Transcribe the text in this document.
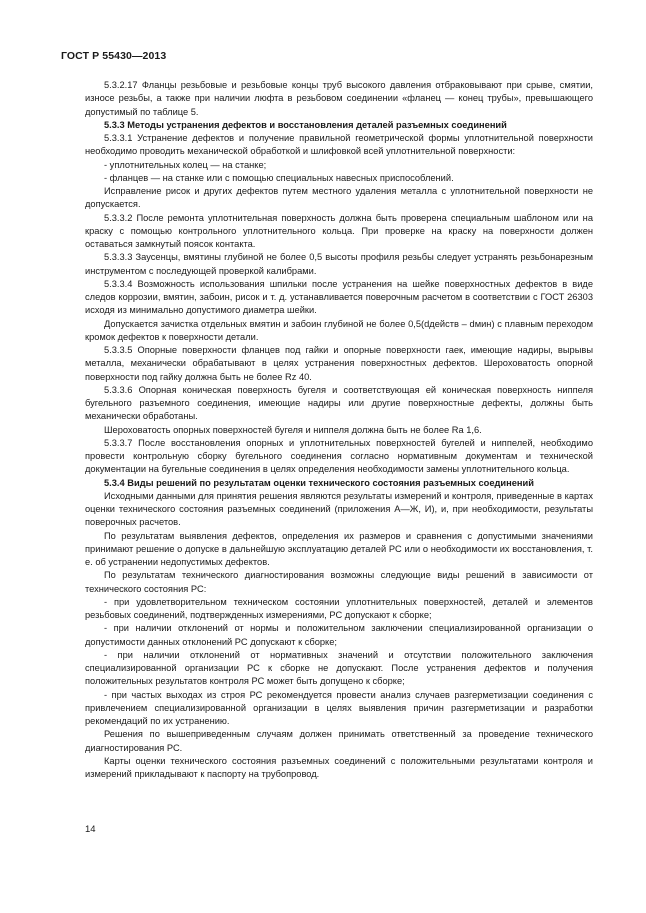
ГОСТ Р 55430—2013

5.3.2.17 Фланцы резьбовые и резьбовые концы труб высокого давления отбраковывают при срыве, смятии, износе резьбы, а также при наличии люфта в резьбовом соединении «фланец — конец трубы», превышающего допустимый по таблице 5.

5.3.3 Методы устранения дефектов и восстановления деталей разъемных соединений

5.3.3.1 Устранение дефектов и получение правильной геометрической формы уплотнительной поверхности необходимо проводить механической обработкой и шлифовкой всей уплотнительной поверхности:

- уплотнительных колец — на станке;

- фланцев — на станке или с помощью специальных навесных приспособлений.

Исправление рисок и других дефектов путем местного удаления металла с уплотнительной поверхности не допускается.

5.3.3.2 После ремонта уплотнительная поверхность должна быть проверена специальным шаблоном или на краску с помощью контрольного уплотнительного кольца. При проверке на краску на поверхности должен оставаться замкнутый поясок контакта.

5.3.3.3 Заусенцы, вмятины глубиной не более 0,5 высоты профиля резьбы следует устранять резьбонарезным инструментом с последующей проверкой калибрами.

5.3.3.4 Возможность использования шпильки после устранения на шейке поверхностных дефектов в виде следов коррозии, вмятин, забоин, рисок и т. д. устанавливается поверочным расчетом в соответствии с ГОСТ 26303 исходя из минимально допустимого диаметра шейки.

Допускается зачистка отдельных вмятин и забоин глубиной не более 0,5(dдейств – dмин) с плавным переходом кромок дефектов к поверхности детали.

5.3.3.5 Опорные поверхности фланцев под гайки и опорные поверхности гаек, имеющие надиры, вырывы металла, механически обрабатывают в целях устранения поверхностных дефектов. Шероховатость опорной поверхности под гайку должна быть не более Rz 40.

5.3.3.6 Опорная коническая поверхность бугеля и соответствующая ей коническая поверхность ниппеля бугельного разъемного соединения, имеющие надиры или другие поверхностные дефекты, должны быть механически обработаны.

Шероховатость опорных поверхностей бугеля и ниппеля должна быть не более Ra 1,6.

5.3.3.7 После восстановления опорных и уплотнительных поверхностей бугелей и ниппелей, необходимо провести контрольную сборку бугельного соединения согласно нормативным документам и технической документации на бугельные соединения в целях определения необходимости замены уплотнительного кольца.

5.3.4 Виды решений по результатам оценки технического состояния разъемных соединений

Исходными данными для принятия решения являются результаты измерений и контроля, приведенные в картах оценки технического состояния разъемных соединений (приложения А—Ж, И), и, при необходимости, результаты поверочных расчетов.

По результатам выявления дефектов, определения их размеров и сравнения с допустимыми значениями принимают решение о допуске в дальнейшую эксплуатацию деталей РС или о необходимости их восстановления, т. е. об устранении недопустимых дефектов.

По результатам технического диагностирования возможны следующие виды решений в зависимости от технического состояния РС:

- при удовлетворительном техническом состоянии уплотнительных поверхностей, деталей и элементов резьбовых соединений, подтвержденных измерениями, РС допускают к сборке;

- при наличии отклонений от нормы и положительном заключении специализированной организации о допустимости данных отклонений РС допускают к сборке;

- при наличии отклонений от нормативных значений и отсутствии положительного заключения специализированной организации РС к сборке не допускают. После устранения дефектов и получения положительных результатов контроля РС может быть допущено к сборке;

- при частых выходах из строя РС рекомендуется провести анализ случаев разгерметизации соединения с привлечением специализированной организации в целях выявления причин разгерметизации и разработки рекомендаций по их устранению.

Решения по вышеприведенным случаям должен принимать ответственный за проведение технического диагностирования РС.

Карты оценки технического состояния разъемных соединений с положительными результатами контроля и измерений прикладывают к паспорту на трубопровод.

14
